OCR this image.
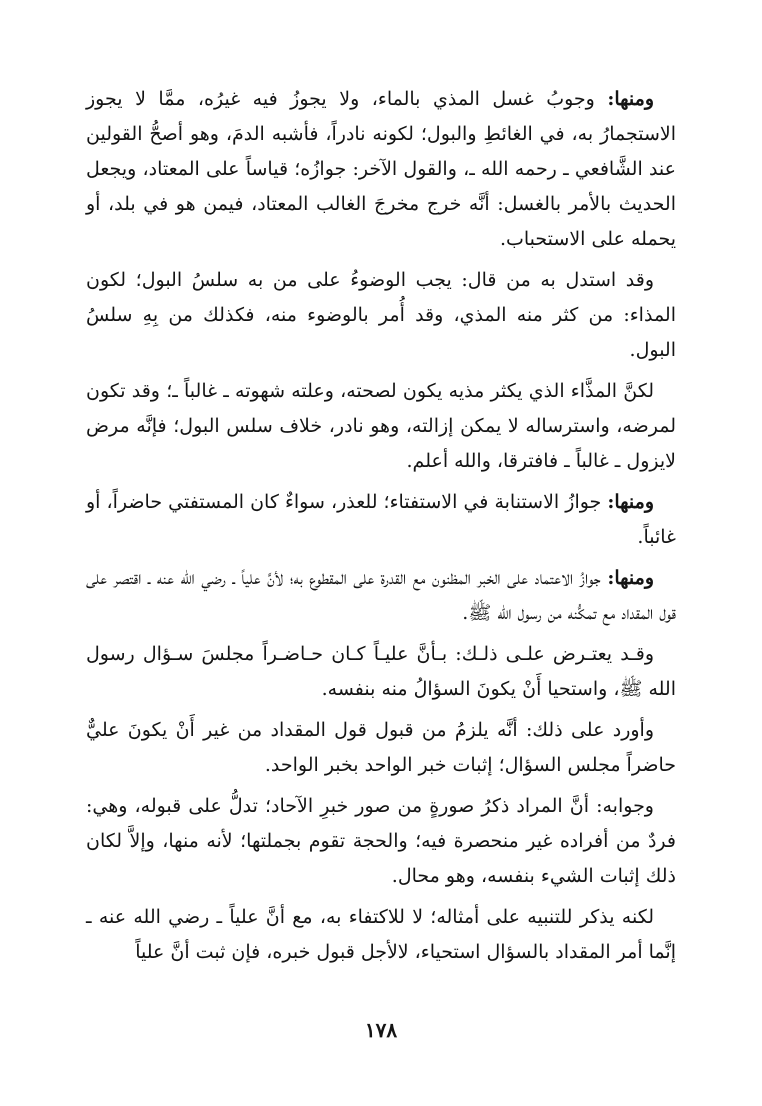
ومنها: وجوبُ غسل المذي بالماء، ولا يجوزُ فيه غيرُه، ممَّا لا يجوز الاستجمارُ به، في الغائطِ والبول؛ لكونه نادراً، فأشبه الدمَ، وهو أصحُّ القولين عند الشَّافعي ـ رحمه الله ـ، والقول الآخر: جوازُه؛ قياساً على المعتاد، ويجعل الحديث بالأمر بالغسل: أنَّه خرج مخرجَ الغالب المعتاد، فيمن هو في بلد، أو يحمله على الاستحباب.

وقد استدل به من قال: يجب الوضوءُ على من به سلسُ البول؛ لكون المذاء: من كثر منه المذي، وقد أُمر بالوضوء منه، فكذلك من بِهِ سلسُ البول.

لكنَّ المذَّاء الذي يكثر مذيه يكون لصحته، وعلته شهوته ـ غالباً ـ؛ وقد تكون لمرضه، واسترساله لا يمكن إزالته، وهو نادر، خلاف سلس البول؛ فإنَّه مرض لايزول ـ غالباً ـ فافترقا، والله أعلم.

ومنها: جوازُ الاستنابة في الاستفتاء؛ للعذر، سواءٌ كان المستفتي حاضراً، أو غائباً.

ومنها: جوازُ الاعتماد على الخبر المظنون مع القدرة على المقطوع به؛ لأنَّ علياً ـ رضي الله عنه ـ اقتصر على قول المقداد مع تمكُّنه من رسول الله ﷺ.

وقـد يعتـرض علـى ذلـك: بـأنَّ عليـاً كـان حـاضـراً مجلسَ سـؤال رسول الله ﷺ، واستحيا أَنْ يكونَ السؤالُ منه بنفسه.

وأورد على ذلك: أنَّه يلزمُ من قبول قول المقداد من غير أَنْ يكونَ عليٌّ حاضراً مجلس السؤال؛ إثبات خبر الواحد بخبر الواحد.

وجوابه: أنَّ المراد ذكرُ صورةٍ من صور خبرِ الآحاد؛ تدلُّ على قبوله، وهي: فردٌ من أفراده غير منحصرة فيه؛ والحجة تقوم بجملتها؛ لأنه منها، وإلاَّ لكان ذلك إثبات الشيء بنفسه، وهو محال.

لكنه يذكر للتنبيه على أمثاله؛ لا للاكتفاء به، مع أنَّ علياً ـ رضي الله عنه ـ إنَّما أمر المقداد بالسؤال استحياء، لالأجل قبول خبره، فإن ثبت أنَّ علياً

١٧٨
